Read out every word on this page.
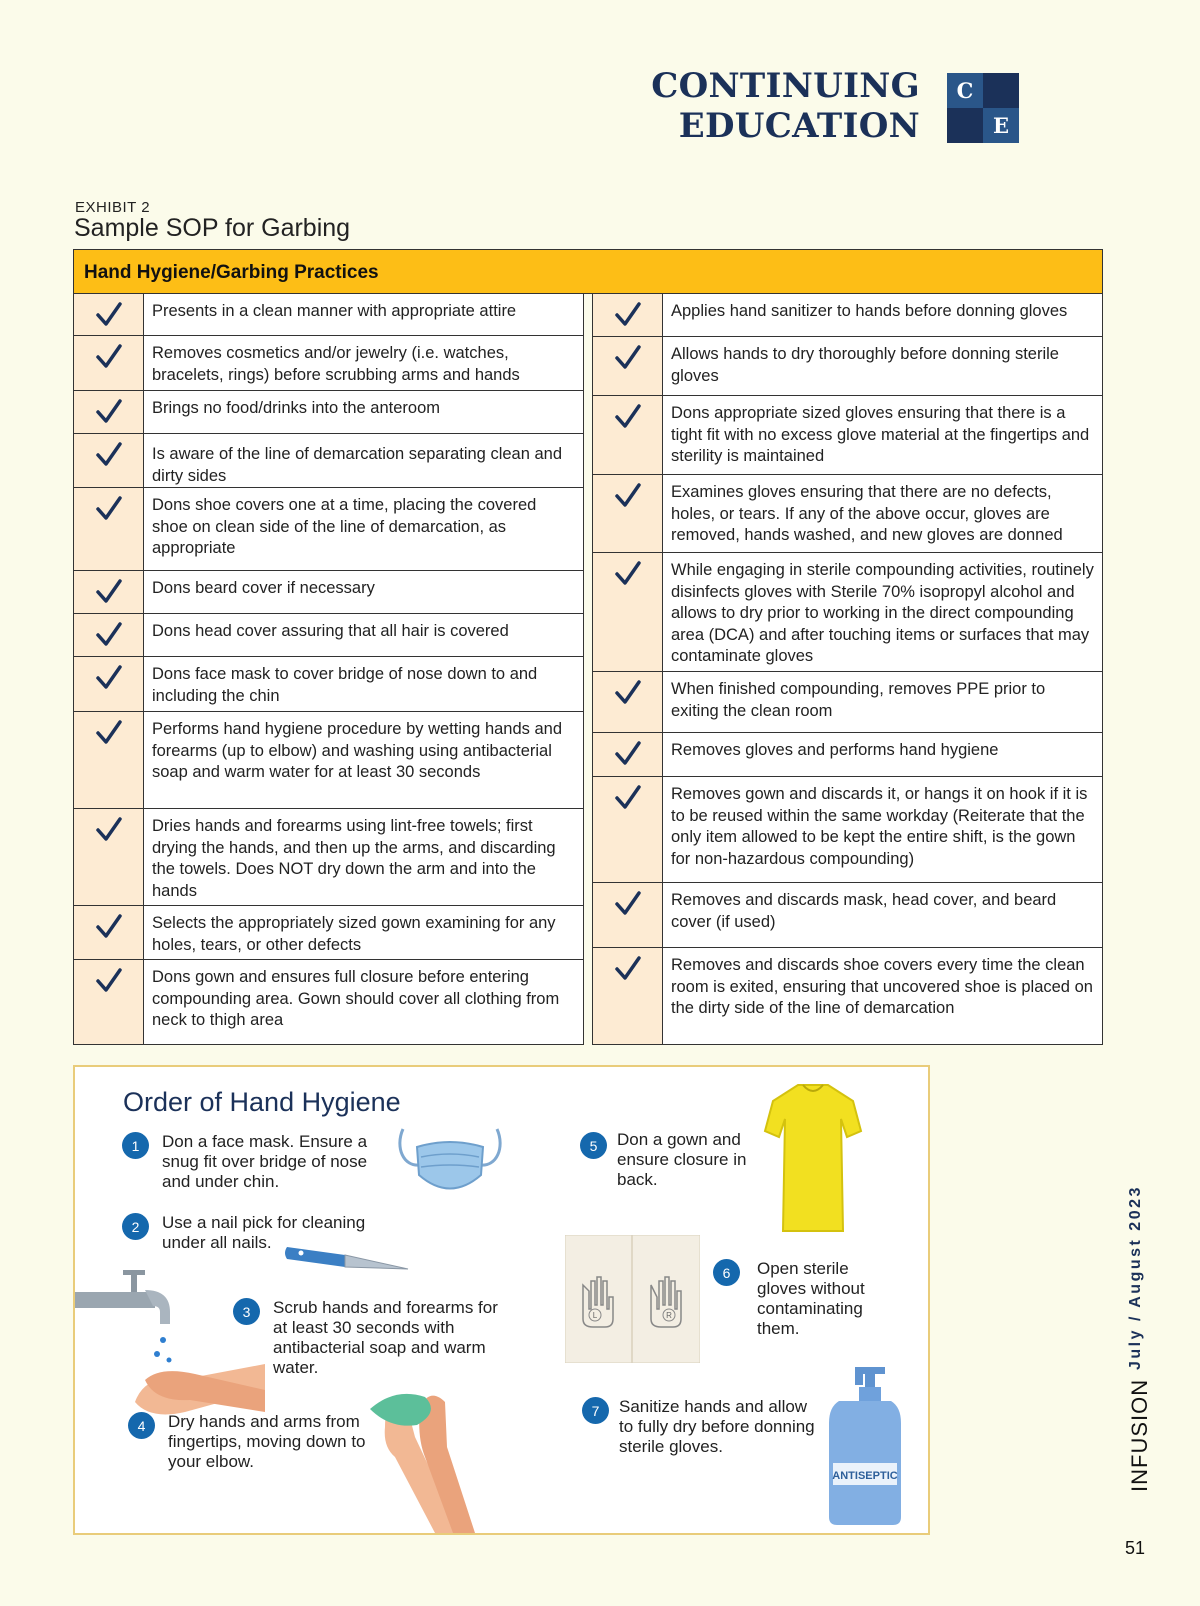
CONTINUING EDUCATION
C
E
EXHIBIT 2
Sample SOP for Garbing
Hand Hygiene/Garbing Practices
Presents in a clean manner with appropriate attire
Removes cosmetics and/or jewelry (i.e. watches, bracelets, rings) before scrubbing arms and hands
Brings no food/drinks into the anteroom
Is aware of the line of demarcation separating clean and dirty sides
Dons shoe covers one at a time, placing the covered shoe on clean side of the line of demarcation, as appropriate
Dons beard cover if necessary
Dons head cover assuring that all hair is covered
Dons face mask to cover bridge of nose down to and including the chin
Performs hand hygiene procedure by wetting hands and forearms (up to elbow) and washing using antibacterial soap and warm water for at least 30 seconds
Dries hands and forearms using lint-free towels; first drying the hands, and then up the arms, and discarding the towels. Does NOT dry down the arm and into the hands
Selects the appropriately sized gown examining for any holes, tears, or other defects
Dons gown and ensures full closure before entering compounding area. Gown should cover all clothing from neck to thigh area
Applies hand sanitizer to hands before donning gloves
Allows hands to dry thoroughly before donning sterile gloves
Dons appropriate sized gloves ensuring that there is a tight fit with no excess glove material at the fingertips and sterility is maintained
Examines gloves ensuring that there are no defects, holes, or tears. If any of the above occur, gloves are removed, hands washed, and new gloves are donned
While engaging in sterile compounding activities, routinely disinfects gloves with Sterile 70% isopropyl alcohol and allows to dry prior to working in the direct compounding area (DCA) and after touching items or surfaces that may contaminate gloves
When finished compounding, removes PPE prior to exiting the clean room
Removes gloves and performs hand hygiene
Removes gown and discards it, or hangs it on hook if it is to be reused within the same workday (Reiterate that the only item allowed to be kept the entire shift, is the gown for non-hazardous compounding)
Removes and discards mask, head cover, and beard cover (if used)
Removes and discards shoe covers every time the clean room is exited, ensuring that uncovered shoe is placed on the dirty side of the line of demarcation
Order of Hand Hygiene
1	Don a face mask. Ensure a snug fit over bridge of nose and under chin.
2	Use a nail pick for cleaning under all nails.
3	Scrub hands and forearms for at least 30 seconds with antibacterial soap and warm water.
4	Dry hands and arms from fingertips, moving down to your elbow.
5	Don a gown and ensure closure in back.
L	R
6	Open sterile gloves without contaminating them.
7	Sanitize hands and allow to fully dry before donning sterile gloves.
ANTISEPTIC
July / August 2023
INFUSION
51
